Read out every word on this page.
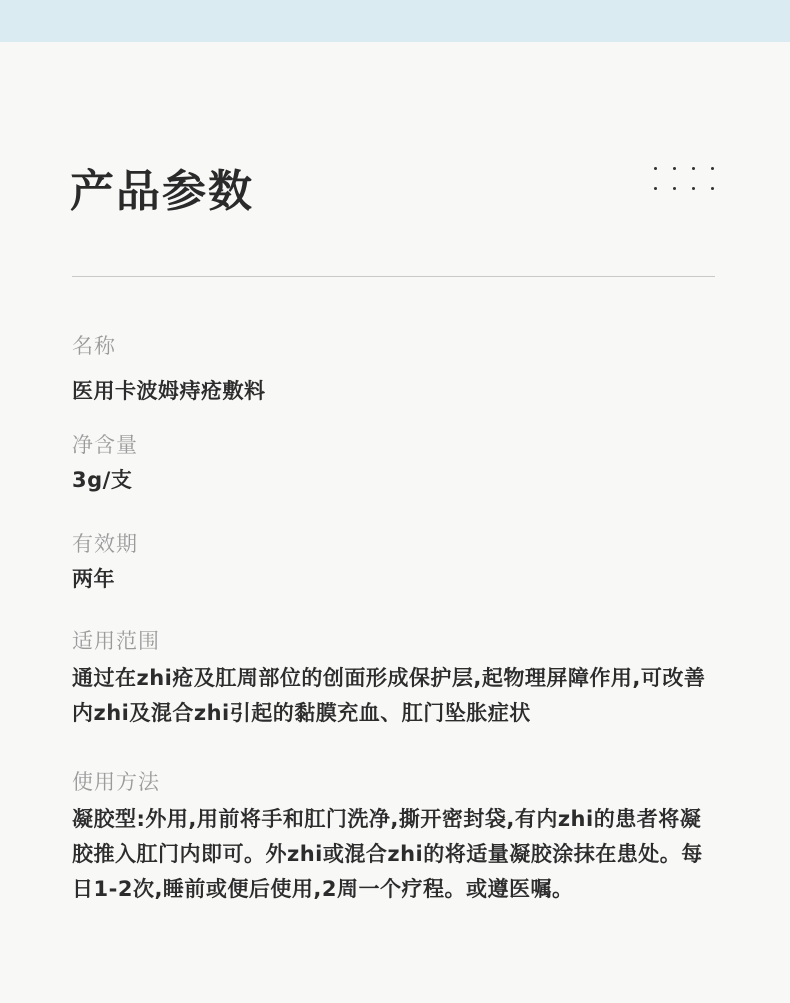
产品参数
名称
医用卡波姆痔疮敷料
净含量
3g/支
有效期
两年
适用范围
通过在zhi疮及肛周部位的创面形成保护层,起物理屏障作用,可改善内zhi及混合zhi引起的黏膜充血、肛门坠胀症状
使用方法
凝胶型:外用,用前将手和肛门洗净,撕开密封袋,有内zhi的患者将凝胶推入肛门内即可。外zhi或混合zhi的将适量凝胶涂抹在患处。每日1-2次,睡前或便后使用,2周一个疗程。或遵医嘱。
